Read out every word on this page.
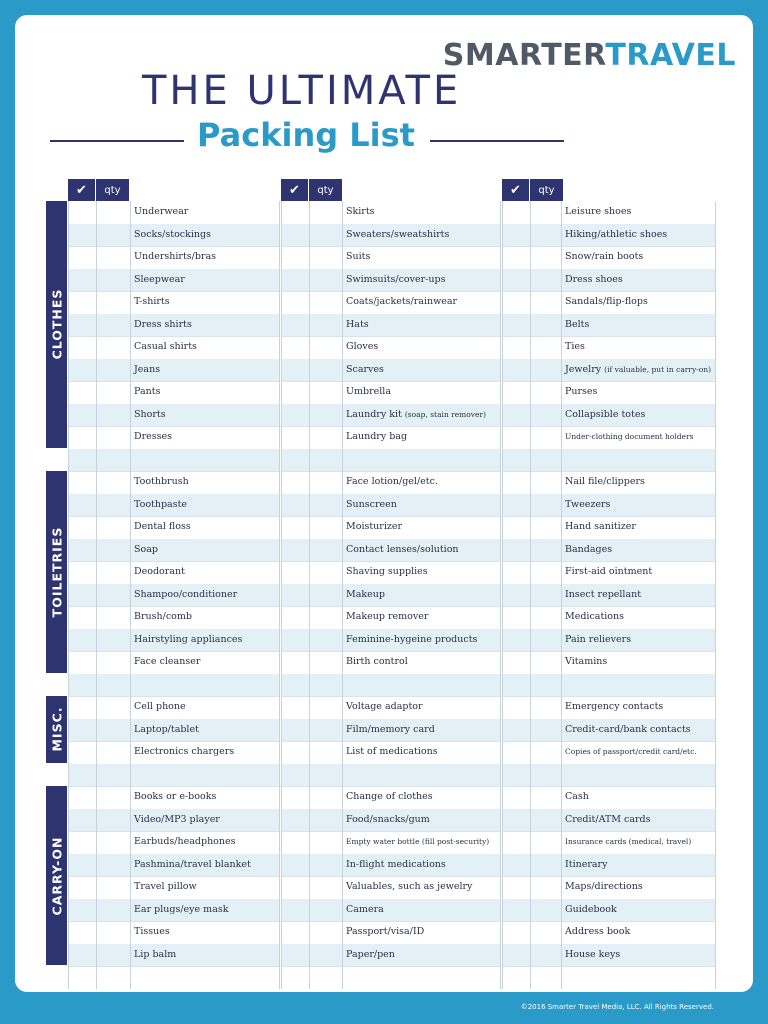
SMARTERTRAVEL
THE ULTIMATE
Packing List
✔	qty	✔	qty	✔	qty
Underwear	Skirts	Leisure shoes
Socks/stockings	Sweaters/sweatshirts	Hiking/athletic shoes
Undershirts/bras	Suits	Snow/rain boots
Sleepwear	Swimsuits/cover-ups	Dress shoes
T-shirts	Coats/jackets/rainwear	Sandals/flip-flops
Dress shirts	Hats	Belts
Casual shirts	Gloves	Ties
Jeans	Scarves	Jewelry (if valuable, put in carry-on)
Pants	Umbrella	Purses
Shorts	Laundry kit (soap, stain remover)	Collapsible totes
Dresses	Laundry bag	Under-clothing document holders
CLOTHES
Toothbrush	Face lotion/gel/etc.	Nail file/clippers
Toothpaste	Sunscreen	Tweezers
Dental floss	Moisturizer	Hand sanitizer
Soap	Contact lenses/solution	Bandages
Deodorant	Shaving supplies	First-aid ointment
Shampoo/conditioner	Makeup	Insect repellant
Brush/comb	Makeup remover	Medications
Hairstyling appliances	Feminine-hygeine products	Pain relievers
Face cleanser	Birth control	Vitamins
TOILETRIES
Cell phone	Voltage adaptor	Emergency contacts
Laptop/tablet	Film/memory card	Credit-card/bank contacts
Electronics chargers	List of medications	Copies of passport/credit card/etc.
MISC.
Books or e-books	Change of clothes	Cash
Video/MP3 player	Food/snacks/gum	Credit/ATM cards
Earbuds/headphones	Empty water bottle (fill post-security)	Insurance cards (medical, travel)
Pashmina/travel blanket	In-flight medications	Itinerary
Travel pillow	Valuables, such as jewelry	Maps/directions
Ear plugs/eye mask	Camera	Guidebook
Tissues	Passport/visa/ID	Address book
Lip balm	Paper/pen	House keys
CARRY-ON
©2016 Smarter Travel Media, LLC. All Rights Reserved.
